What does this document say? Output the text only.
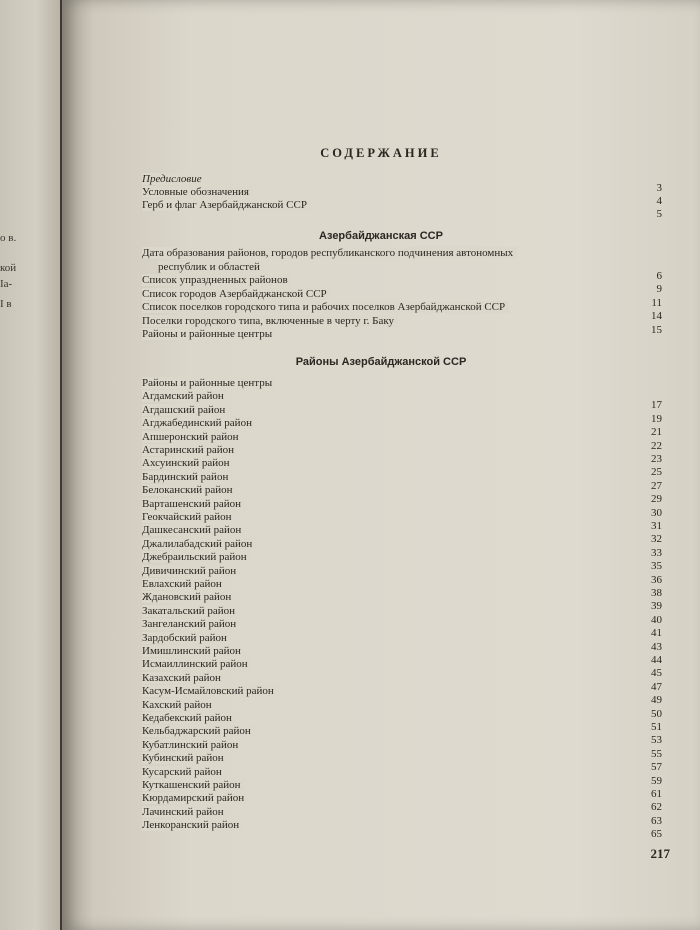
о в.
кой
Iа-
I в
СОДЕРЖАНИЕ
Предисловие
3
Условные обозначения
4
Герб и флаг Азербайджанской ССР
5
Азербайджанская ССР
Дата образования районов, городов республиканского подчинения автономных
республик и областей
6
Список упраздненных районов
9
Список городов Азербайджанской ССР
11
Список поселков городского типа и рабочих поселков Азербайджанской ССР
14
Поселки городского типа, включенные в черту г. Баку
15
Районы и районные центры
Районы Азербайджанской ССР
Районы и районные центры
Агдамский район
17
Агдашский район
19
Агджабединский район
21
Апшеронский район
22
Астаринский район
23
Ахсуинский район
25
Бардинский район
27
Белоканский район
29
Варташенский район
30
Геокчайский район
31
Дашкесанский район
32
Джалилабадский район
33
Джебраильский район
35
Дивичинский район
36
Евлахский район
38
Ждановский район
39
Закатальский район
40
Зангеланский район
41
Зардобский район
43
Имишлинский район
44
Исмаиллинский район
45
Казахский район
47
Касум-Исмайловский район
49
Кахский район
50
Кедабекский район
51
Кельбаджарский район
53
Кубатлинский район
55
Кубинский район
57
Кусарский район
59
Куткашенский район
61
Кюрдамирский район
62
Лачинский район
63
Ленкоранский район
65
217
